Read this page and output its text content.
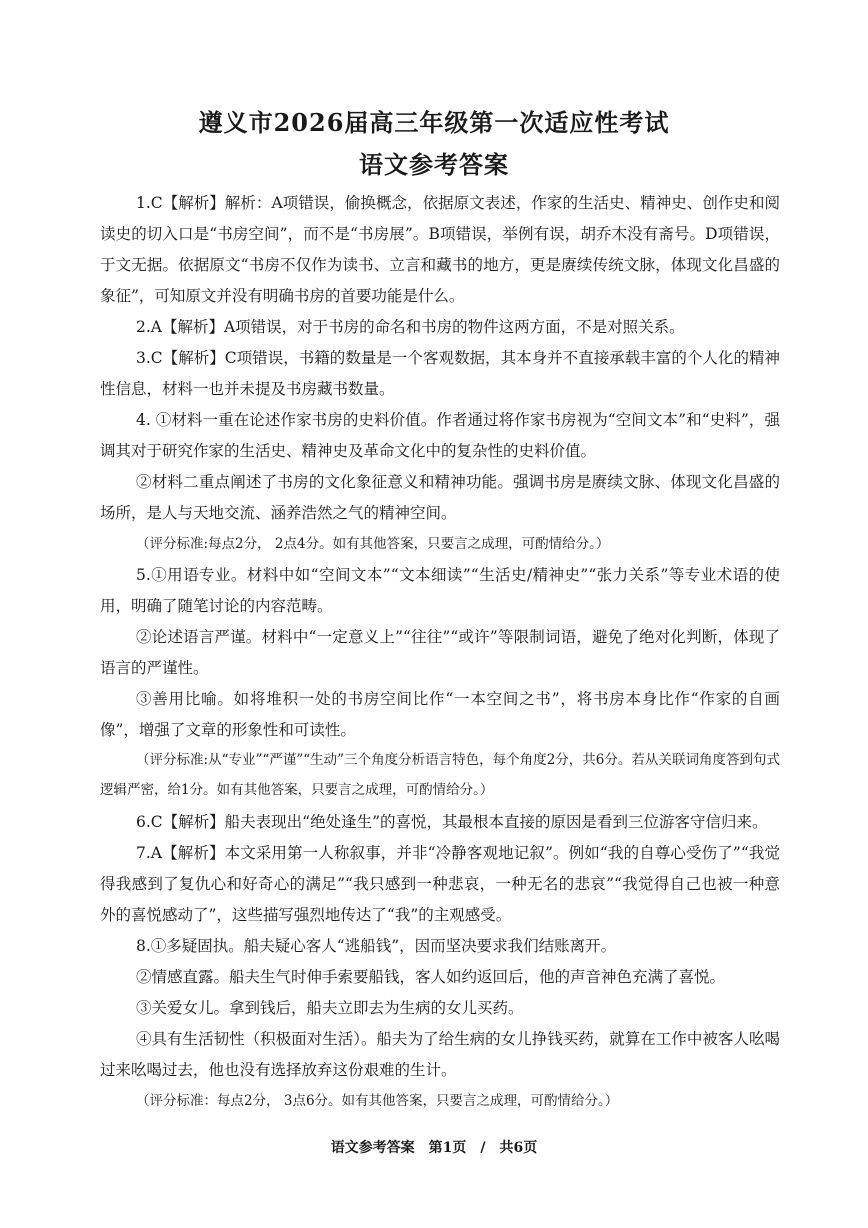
遵义市2026届高三年级第一次适应性考试
语文参考答案
1.C【解析】解析：A项错误，偷换概念，依据原文表述，作家的生活史、精神史、创作史和阅读史的切入口是“书房空间”，而不是“书房展”。B项错误，举例有误，胡乔木没有斋号。D项错误，于文无据。依据原文“书房不仅作为读书、立言和藏书的地方，更是赓续传统文脉，体现文化昌盛的象征”，可知原文并没有明确书房的首要功能是什么。
2.A【解析】A项错误，对于书房的命名和书房的物件这两方面，不是对照关系。
3.C【解析】C项错误，书籍的数量是一个客观数据，其本身并不直接承载丰富的个人化的精神性信息，材料一也并未提及书房藏书数量。
4. ①材料一重在论述作家书房的史料价值。作者通过将作家书房视为“空间文本”和“史料”，强调其对于研究作家的生活史、精神史及革命文化中的复杂性的史料价值。
②材料二重点阐述了书房的文化象征意义和精神功能。强调书房是赓续文脉、体现文化昌盛的场所，是人与天地交流、涵养浩然之气的精神空间。
（评分标准:每点2分， 2点4分。如有其他答案，只要言之成理，可酌情给分。）
5.①用语专业。材料中如“空间文本”“文本细读”“生活史/精神史”“张力关系”等专业术语的使用，明确了随笔讨论的内容范畴。
②论述语言严谨。材料中“一定意义上”“往往”“或许”等限制词语，避免了绝对化判断，体现了语言的严谨性。
③善用比喻。如将堆积一处的书房空间比作“一本空间之书”，将书房本身比作“作家的自画像”，增强了文章的形象性和可读性。
（评分标准:从“专业”“严谨”“生动”三个角度分析语言特色，每个角度2分，共6分。若从关联词角度答到句式逻辑严密，给1分。如有其他答案，只要言之成理，可酌情给分。）
6.C【解析】船夫表现出“绝处逢生”的喜悦，其最根本直接的原因是看到三位游客守信归来。
7.A【解析】本文采用第一人称叙事，并非“冷静客观地记叙”。例如“我的自尊心受伤了”“我觉得我感到了复仇心和好奇心的满足”“我只感到一种悲哀，一种无名的悲哀”“我觉得自己也被一种意外的喜悦感动了”，这些描写强烈地传达了“我”的主观感受。
8.①多疑固执。船夫疑心客人“逃船钱”，因而坚决要求我们结账离开。
②情感直露。船夫生气时伸手索要船钱，客人如约返回后，他的声音神色充满了喜悦。
③关爱女儿。拿到钱后，船夫立即去为生病的女儿买药。
④具有生活韧性（积极面对生活）。船夫为了给生病的女儿挣钱买药，就算在工作中被客人吆喝过来吆喝过去，他也没有选择放弃这份艰难的生计。
（评分标准：每点2分， 3点6分。如有其他答案，只要言之成理，可酌情给分。）
语文参考答案　第1页　/　共6页
